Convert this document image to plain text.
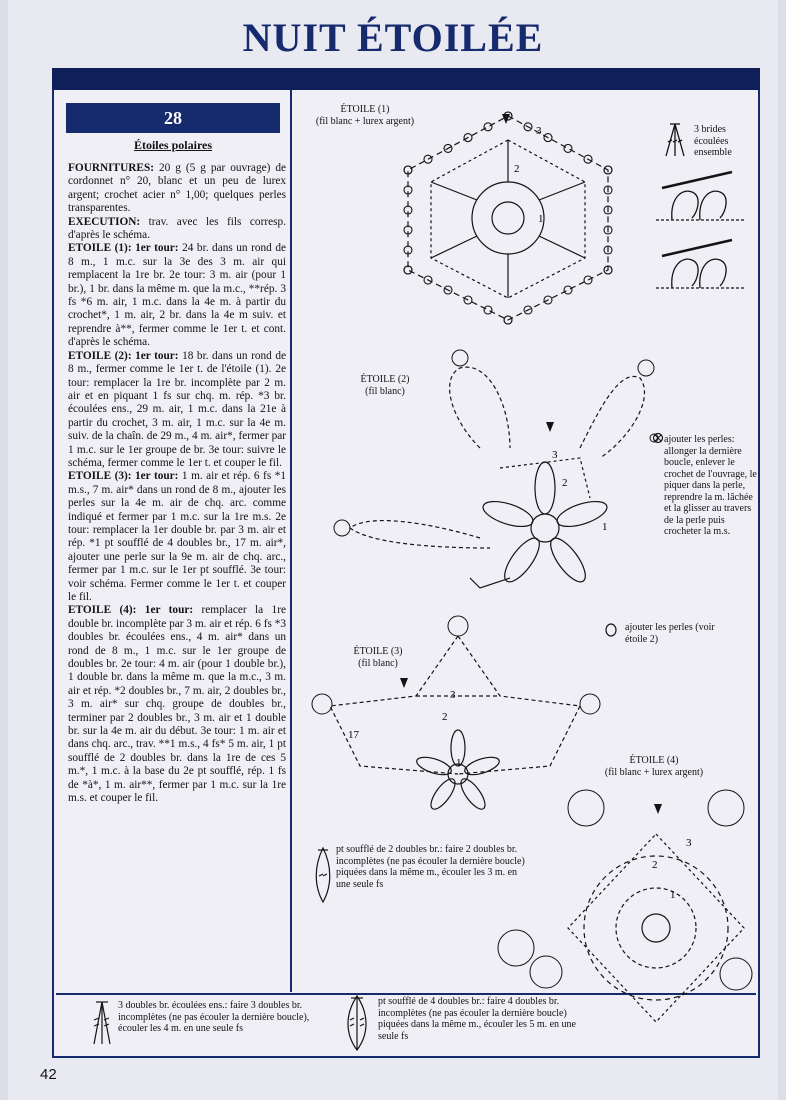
NUIT ÉTOILÉE
28
Étoiles polaires

FOURNITURES: 20 g (5 g par ouvrage) de cordonnet n° 20, blanc et un peu de lurex argent; crochet acier n° 1,00; quelques perles transparentes.

EXECUTION: trav. avec les fils corresp. d'après le schéma.

ETOILE (1): 1er tour: 24 br. dans un rond de 8 m., 1 m.c. sur la 3e des 3 m. air qui remplacent la 1re br. 2e tour: 3 m. air (pour 1 br.), 1 br. dans la même m. que la m.c., **rép. 3 fs *6 m. air, 1 m.c. dans la 4e m. à partir du crochet*, 1 m. air, 2 br. dans la 4e m suiv. et reprendre à**, fermer comme le 1er t. et cont. d'après le schéma.

ETOILE (2): 1er tour: 18 br. dans un rond de 8 m., fermer comme le 1er t. de l'étoile (1). 2e tour: remplacer la 1re br. incomplète par 2 m. air et en piquant 1 fs sur chq. m. rép. *3 br. écoulées ens., 29 m. air, 1 m.c. dans la 21e à partir du crochet, 3 m. air, 1 m.c. sur la 4e m. suiv. de la chaîn. de 29 m., 4 m. air*, fermer par 1 m.c. sur le 1er groupe de br. 3e tour: suivre le schéma, fermer comme le 1er t. et couper le fil.

ETOILE (3): 1er tour: 1 m. air et rép. 6 fs *1 m.s., 7 m. air* dans un rond de 8 m., ajouter les perles sur la 4e m. air de chq. arc. comme indiqué et fermer par 1 m.c. sur la 1re m.s. 2e tour: remplacer la 1er double br. par 3 m. air et rép. *1 pt soufflé de 4 doubles br., 17 m. air*, ajouter une perle sur la 9e m. air de chq. arc., fermer par 1 m.c. sur le 1er pt soufflé. 3e tour: voir schéma. Fermer comme le 1er t. et couper le fil.

ETOILE (4): 1er tour: remplacer la 1re double br. incomplète par 3 m. air et rép. 6 fs *3 doubles br. écoulées ens., 4 m. air* dans un rond de 8 m., 1 m.c. sur le 1er groupe de doubles br. 2e tour: 4 m. air (pour 1 double br.), 1 double br. dans la même m. que la m.c., 3 m. air et rép. *2 doubles br., 7 m. air, 2 doubles br., 3 m. air* sur chq. groupe de doubles br., terminer par 2 doubles br., 3 m. air et 1 double br. sur la 4e m. air du début. 3e tour: 1 m. air et dans chq. arc., trav. **1 m.s., 4 fs* 5 m. air, 1 pt soufflé de 2 doubles br. dans la 1re de ces 5 m.*, 1 m.c. à la base du 2e pt soufflé, rép. 1 fs de *à*, 1 m. air**, fermer par 1 m.c. sur la 1re m.s. et couper le fil.

ÉTOILE (1)
(fil blanc + lurex argent)
ÉTOILE (2)
(fil blanc)
ÉTOILE (3)
(fil blanc)
ÉTOILE (4)
(fil blanc + lurex argent)
3 brides écoulées ensemble
ajouter les perles: allonger la dernière boucle, enlever le crochet de l'ouvrage, le piquer dans la perle, reprendre la m. lâchée et la glisser au travers de la perle puis crocheter la m.s.
ajouter les perles (voir étoile 2)
pt soufflé de 2 doubles br.: faire 2 doubles br. incomplètes (ne pas écouler la dernière boucle) piquées dans la même m., écouler les 3 m. en une seule fs
3 doubles br. écoulées ens.: faire 3 doubles br. incomplètes (ne pas écouler la dernière boucle), écouler les 4 m. en une seule fs
pt soufflé de 4 doubles br.: faire 4 doubles br. incomplètes (ne pas écouler la dernière boucle) piquées dans la même m., écouler les 5 m. en une seule fs
42
1
2
3
3
2
1
3
2
1
17
3
2
1
